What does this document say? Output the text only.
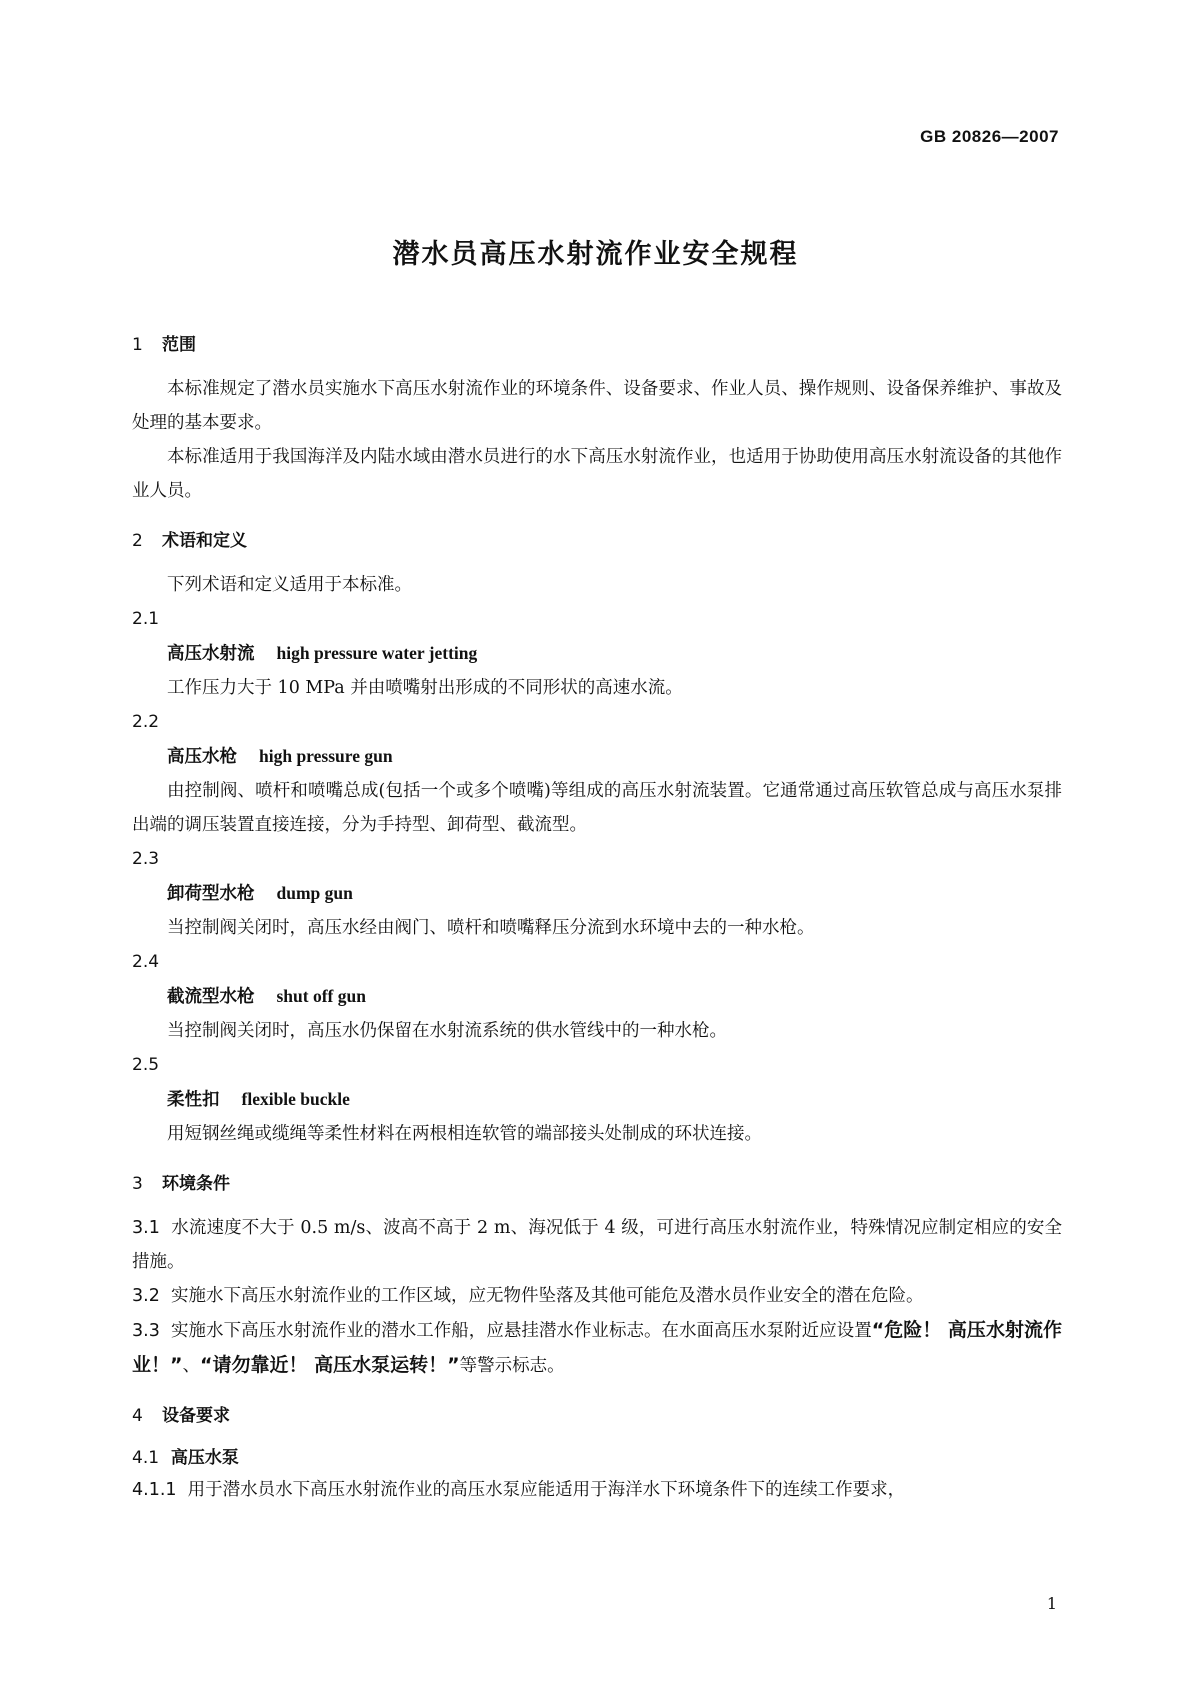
GB 20826—2007
潜水员高压水射流作业安全规程
1 范围
本标准规定了潜水员实施水下高压水射流作业的环境条件、设备要求、作业人员、操作规则、设备保养维护、事故及处理的基本要求。
本标准适用于我国海洋及内陆水域由潜水员进行的水下高压水射流作业，也适用于协助使用高压水射流设备的其他作业人员。
2 术语和定义
下列术语和定义适用于本标准。
2.1
高压水射流 high pressure water jetting
工作压力大于 10 MPa 并由喷嘴射出形成的不同形状的高速水流。
2.2
高压水枪 high pressure gun
由控制阀、喷杆和喷嘴总成(包括一个或多个喷嘴)等组成的高压水射流装置。它通常通过高压软管总成与高压水泵排出端的调压装置直接连接，分为手持型、卸荷型、截流型。
2.3
卸荷型水枪 dump gun
当控制阀关闭时，高压水经由阀门、喷杆和喷嘴释压分流到水环境中去的一种水枪。
2.4
截流型水枪 shut off gun
当控制阀关闭时，高压水仍保留在水射流系统的供水管线中的一种水枪。
2.5
柔性扣 flexible buckle
用短钢丝绳或缆绳等柔性材料在两根相连软管的端部接头处制成的环状连接。
3 环境条件
3.1 水流速度不大于 0.5 m/s、波高不高于 2 m、海况低于 4 级，可进行高压水射流作业，特殊情况应制定相应的安全措施。
3.2 实施水下高压水射流作业的工作区域，应无物件坠落及其他可能危及潜水员作业安全的潜在危险。
3.3 实施水下高压水射流作业的潜水工作船，应悬挂潜水作业标志。在水面高压水泵附近应设置“危险！ 高压水射流作业！”、“请勿靠近！ 高压水泵运转！”等警示标志。
4 设备要求
4.1 高压水泵
4.1.1 用于潜水员水下高压水射流作业的高压水泵应能适用于海洋水下环境条件下的连续工作要求，
1
